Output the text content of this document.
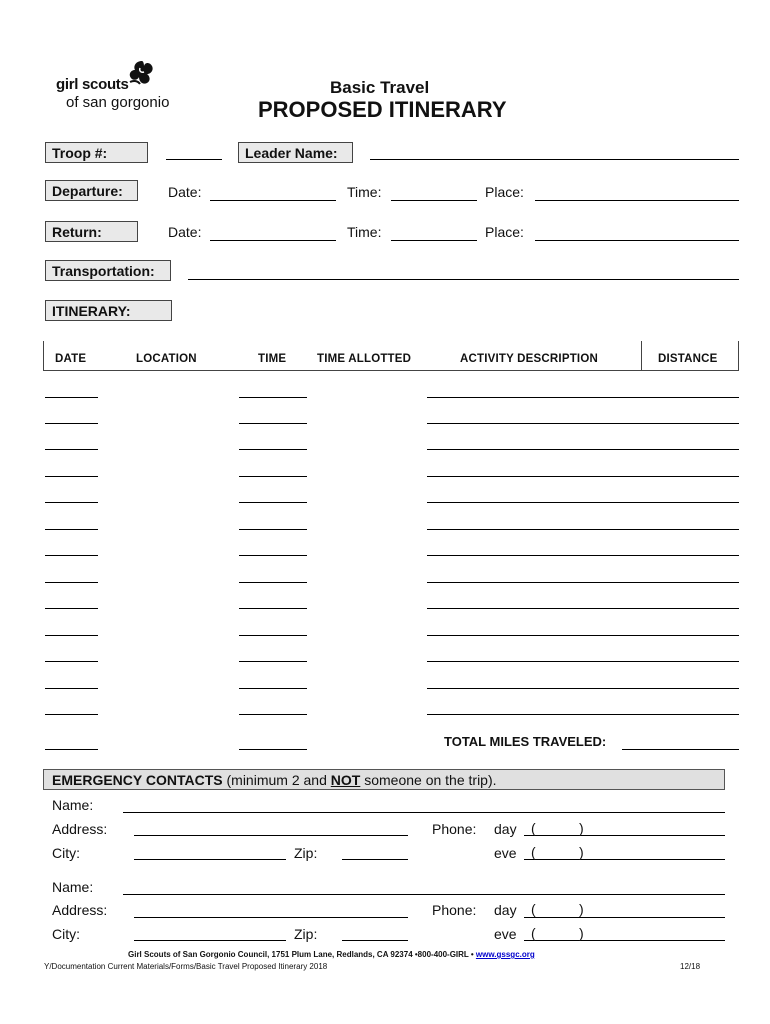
girl scouts
of san gorgonio
Basic Travel
PROPOSED ITINERARY
Troop #:	Leader Name:
Departure:	Date:	Time:	Place:
Return:	Date:	Time:	Place:
Transportation:
ITINERARY:
DATE	LOCATION	TIME	TIME ALLOTTED	ACTIVITY DESCRIPTION	DISTANCE
TOTAL MILES TRAVELED:
EMERGENCY CONTACTS (minimum 2 and NOT someone on the trip).
Name:
Address:	Phone: day (	)
City:	Zip:	eve (	)
Name:
Address:	Phone: day (	)
City:	Zip:	eve (	)
Girl Scouts of San Gorgonio Council, 1751 Plum Lane, Redlands, CA 92374 •800-400-GIRL • www.gssgc.org
Y/Documentation Current Materials/Forms/Basic Travel Proposed Itinerary 2018	12/18
